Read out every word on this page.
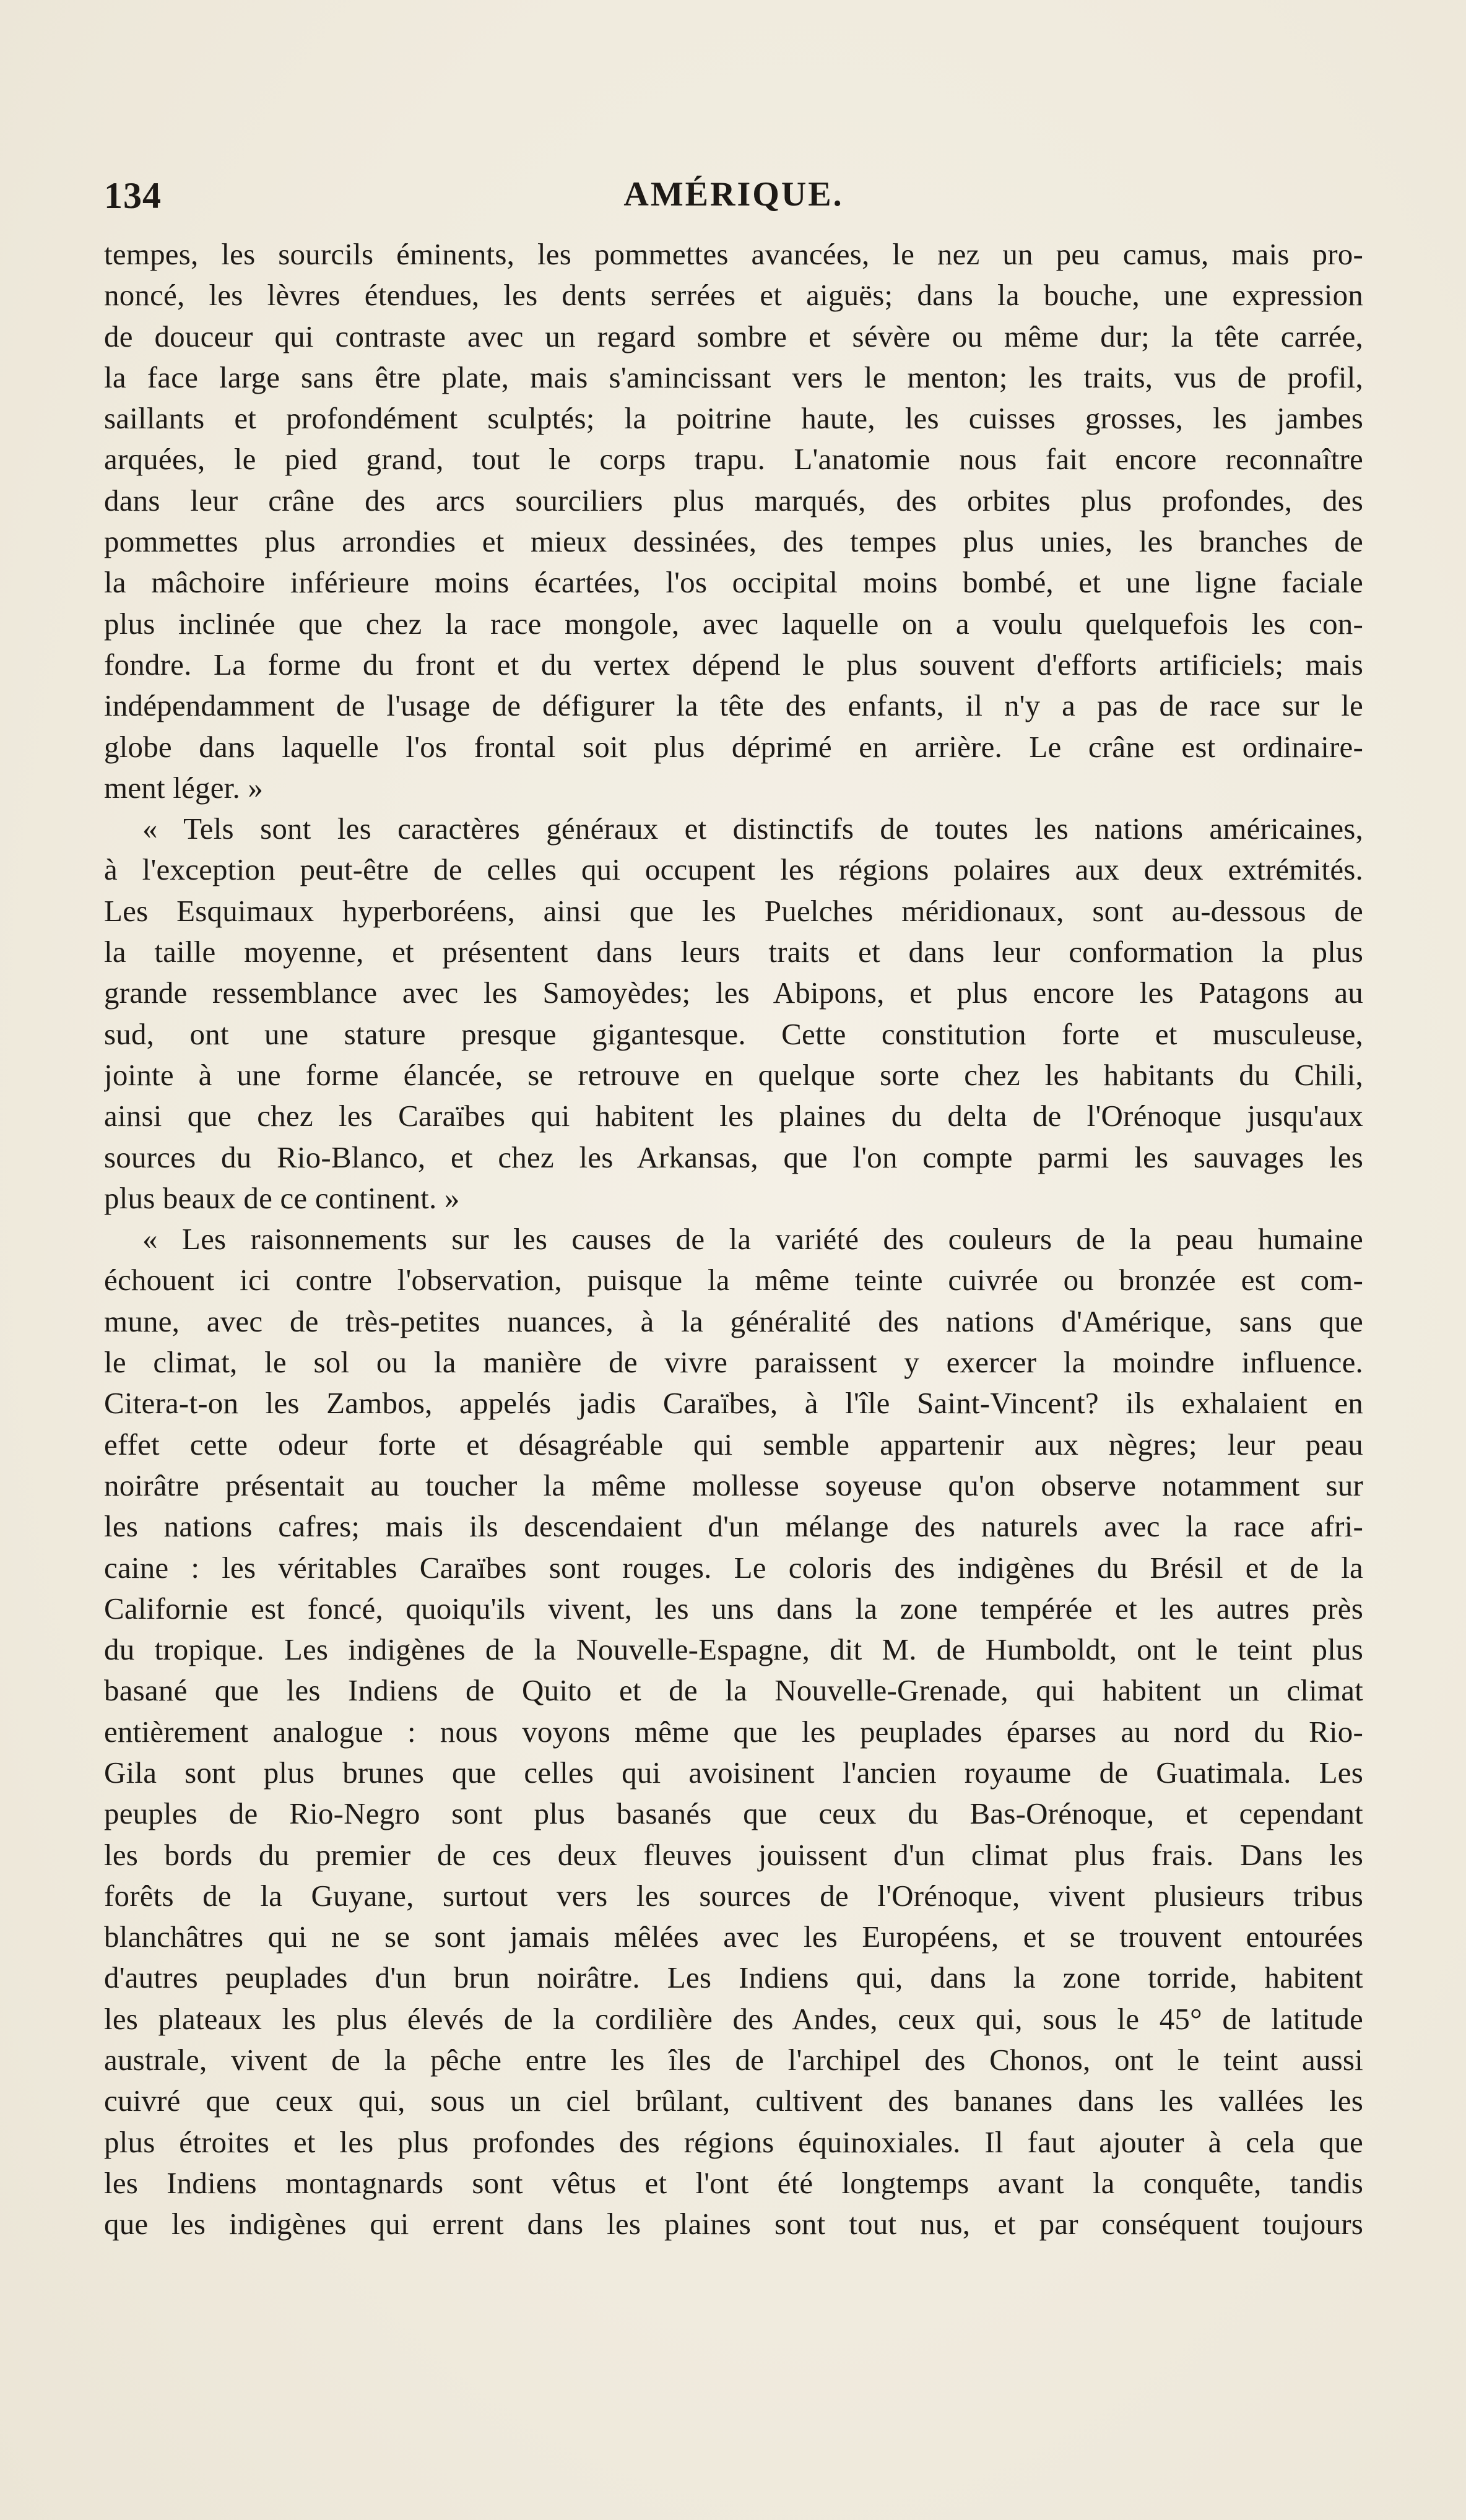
134	AMÉRIQUE.
tempes, les sourcils éminents, les pommettes avancées, le nez un peu camus, mais pro-
noncé, les lèvres étendues, les dents serrées et aiguës; dans la bouche, une expression
de douceur qui contraste avec un regard sombre et sévère ou même dur; la tête carrée,
la face large sans être plate, mais s'amincissant vers le menton; les traits, vus de profil,
saillants et profondément sculptés; la poitrine haute, les cuisses grosses, les jambes
arquées, le pied grand, tout le corps trapu. L'anatomie nous fait encore reconnaître
dans leur crâne des arcs sourciliers plus marqués, des orbites plus profondes, des
pommettes plus arrondies et mieux dessinées, des tempes plus unies, les branches de
la mâchoire inférieure moins écartées, l'os occipital moins bombé, et une ligne faciale
plus inclinée que chez la race mongole, avec laquelle on a voulu quelquefois les con-
fondre. La forme du front et du vertex dépend le plus souvent d'efforts artificiels; mais
indépendamment de l'usage de défigurer la tête des enfants, il n'y a pas de race sur le
globe dans laquelle l'os frontal soit plus déprimé en arrière. Le crâne est ordinaire-
ment léger. »
« Tels sont les caractères généraux et distinctifs de toutes les nations américaines,
à l'exception peut-être de celles qui occupent les régions polaires aux deux extrémités.
Les Esquimaux hyperboréens, ainsi que les Puelches méridionaux, sont au-dessous de
la taille moyenne, et présentent dans leurs traits et dans leur conformation la plus
grande ressemblance avec les Samoyèdes; les Abipons, et plus encore les Patagons au
sud, ont une stature presque gigantesque. Cette constitution forte et musculeuse,
jointe à une forme élancée, se retrouve en quelque sorte chez les habitants du Chili,
ainsi que chez les Caraïbes qui habitent les plaines du delta de l'Orénoque jusqu'aux
sources du Rio-Blanco, et chez les Arkansas, que l'on compte parmi les sauvages les
plus beaux de ce continent. »
« Les raisonnements sur les causes de la variété des couleurs de la peau humaine
échouent ici contre l'observation, puisque la même teinte cuivrée ou bronzée est com-
mune, avec de très-petites nuances, à la généralité des nations d'Amérique, sans que
le climat, le sol ou la manière de vivre paraissent y exercer la moindre influence.
Citera-t-on les Zambos, appelés jadis Caraïbes, à l'île Saint-Vincent? ils exhalaient en
effet cette odeur forte et désagréable qui semble appartenir aux nègres; leur peau
noirâtre présentait au toucher la même mollesse soyeuse qu'on observe notamment sur
les nations cafres; mais ils descendaient d'un mélange des naturels avec la race afri-
caine : les véritables Caraïbes sont rouges. Le coloris des indigènes du Brésil et de la
Californie est foncé, quoiqu'ils vivent, les uns dans la zone tempérée et les autres près
du tropique. Les indigènes de la Nouvelle-Espagne, dit M. de Humboldt, ont le teint plus
basané que les Indiens de Quito et de la Nouvelle-Grenade, qui habitent un climat
entièrement analogue : nous voyons même que les peuplades éparses au nord du Rio-
Gila sont plus brunes que celles qui avoisinent l'ancien royaume de Guatimala. Les
peuples de Rio-Negro sont plus basanés que ceux du Bas-Orénoque, et cependant
les bords du premier de ces deux fleuves jouissent d'un climat plus frais. Dans les
forêts de la Guyane, surtout vers les sources de l'Orénoque, vivent plusieurs tribus
blanchâtres qui ne se sont jamais mêlées avec les Européens, et se trouvent entourées
d'autres peuplades d'un brun noirâtre. Les Indiens qui, dans la zone torride, habitent
les plateaux les plus élevés de la cordilière des Andes, ceux qui, sous le 45° de latitude
australe, vivent de la pêche entre les îles de l'archipel des Chonos, ont le teint aussi
cuivré que ceux qui, sous un ciel brûlant, cultivent des bananes dans les vallées les
plus étroites et les plus profondes des régions équinoxiales. Il faut ajouter à cela que
les Indiens montagnards sont vêtus et l'ont été longtemps avant la conquête, tandis
que les indigènes qui errent dans les plaines sont tout nus, et par conséquent toujours
